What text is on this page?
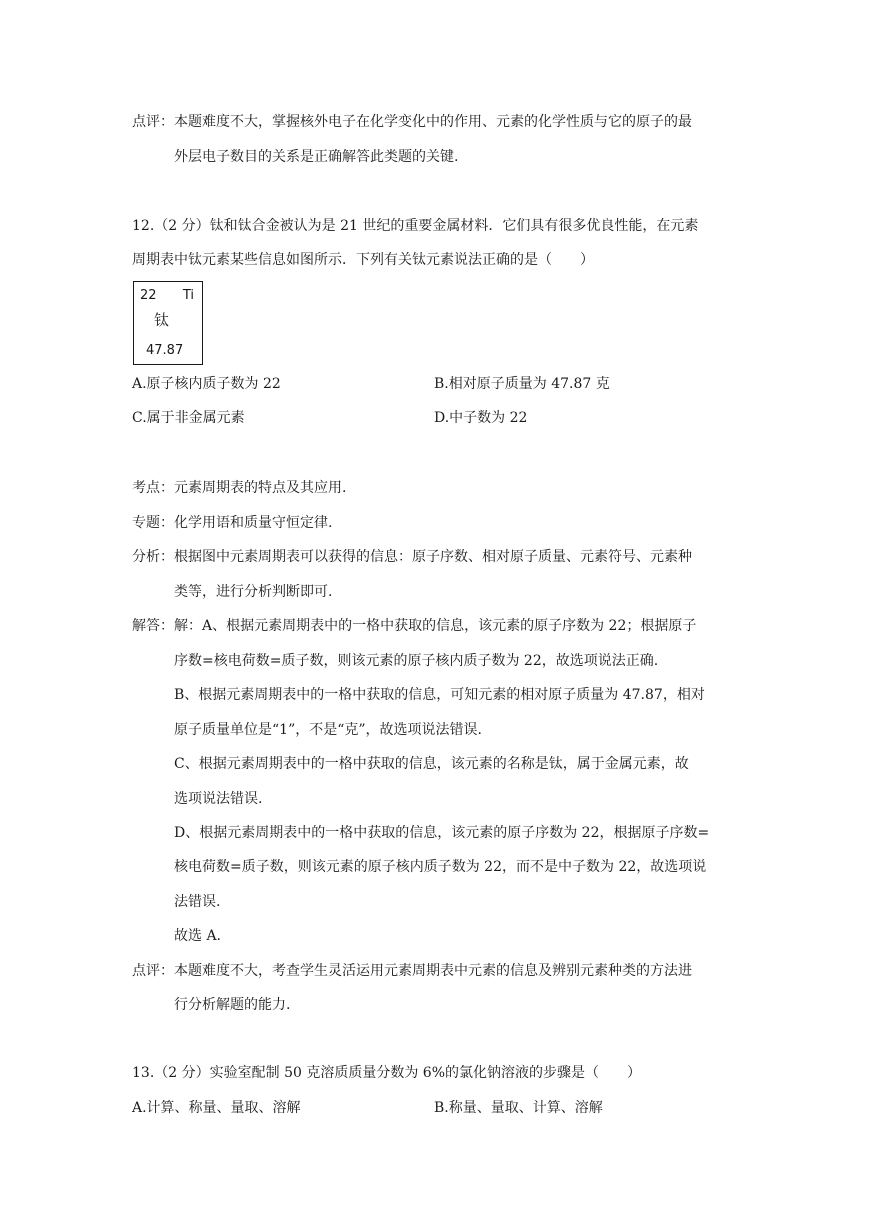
点评：本题难度不大，掌握核外电子在化学变化中的作用、元素的化学性质与它的原子的最
外层电子数目的关系是正确解答此类题的关键.
12.（2 分）钛和钛合金被认为是 21 世纪的重要金属材料．它们具有很多优良性能，在元素
周期表中钛元素某些信息如图所示．下列有关钛元素说法正确的是（　　）
22 Ti
钛
47.87
A.原子核内质子数为 22	B.相对原子质量为 47.87 克
C.属于非金属元素	D.中子数为 22
考点：元素周期表的特点及其应用.
专题：化学用语和质量守恒定律.
分析：根据图中元素周期表可以获得的信息：原子序数、相对原子质量、元素符号、元素种
类等，进行分析判断即可.
解答：解：A、根据元素周期表中的一格中获取的信息，该元素的原子序数为 22；根据原子
序数=核电荷数=质子数，则该元素的原子核内质子数为 22，故选项说法正确.
B、根据元素周期表中的一格中获取的信息，可知元素的相对原子质量为 47.87，相对
原子质量单位是“1”，不是“克”，故选项说法错误.
C、根据元素周期表中的一格中获取的信息，该元素的名称是钛，属于金属元素，故
选项说法错误.
D、根据元素周期表中的一格中获取的信息，该元素的原子序数为 22，根据原子序数=
核电荷数=质子数，则该元素的原子核内质子数为 22，而不是中子数为 22，故选项说
法错误.
故选 A.
点评：本题难度不大，考查学生灵活运用元素周期表中元素的信息及辨别元素种类的方法进
行分析解题的能力.
13.（2 分）实验室配制 50 克溶质质量分数为 6%的氯化钠溶液的步骤是（　　）
A.计算、称量、量取、溶解	B.称量、量取、计算、溶解
